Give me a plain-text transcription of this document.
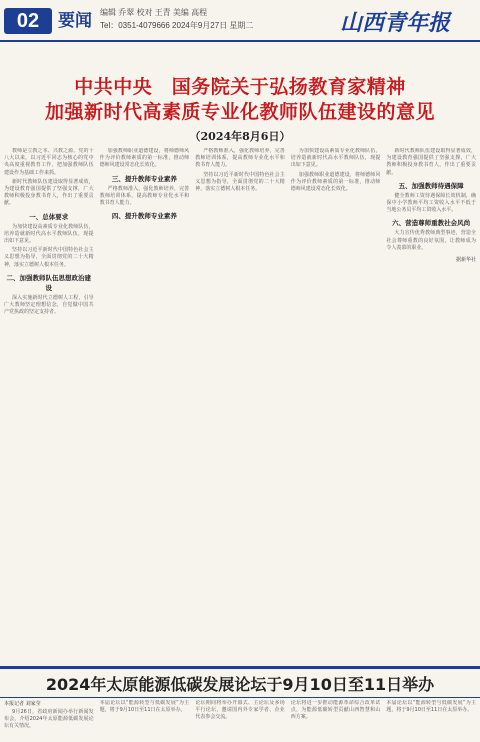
02	要闻 编辑 乔翠 校对 王青 美编 高程
Tel：0351-4079666 2024年9月27日 星期二	山西青年报
中共中央　国务院关于弘扬教育家精神
加强新时代高素质专业化教师队伍建设的意见
（2024年8月6日）

教师是立教之本、兴教之源。党的十八大以来，以习近平同志为核心的党中央高度重视教育工作，把加强教师队伍建设作为基础工作来抓。

新时代教师队伍建设取得显著成效，为建设教育强国提供了坚强支撑，广大教师积极投身教书育人，作出了重要贡献。

一、总体要求

为加快建设高素质专业化教师队伍，培养造就新时代高水平教师队伍，现提出如下意见。

坚持以习近平新时代中国特色社会主义思想为指导，全面贯彻党的二十大精神，落实立德树人根本任务。

二、加强教师队伍思想政治建设

深入实施新时代立德树人工程，引导广大教师坚定理想信念，自觉做中国共产党执政的坚定支持者。

加强教师职业道德建设，将师德师风作为评价教师素质的第一标准，推动师德师风建设常态化长效化。

三、提升教师专业素养

严格教师准入，强化教师培养，完善教师培训体系，提高教师专业化水平和教书育人能力。

四、提升教师专业素养

严格教师准入，强化教师培养，完善教师培训体系，提高教师专业化水平和教书育人能力。

坚持以习近平新时代中国特色社会主义思想为指导，全面贯彻党的二十大精神，落实立德树人根本任务。

为加快建设高素质专业化教师队伍，培养造就新时代高水平教师队伍，现提出如下意见。

加强教师职业道德建设，将师德师风作为评价教师素质的第一标准，推动师德师风建设常态化长效化。

新时代教师队伍建设取得显著成效，为建设教育强国提供了坚强支撑，广大教师积极投身教书育人，作出了重要贡献。

五、加强教师待遇保障

健全教师工资待遇保障长效机制，确保中小学教师平均工资收入水平不低于当地公务员平均工资收入水平。

六、营造尊师重教社会风尚

大力宣传优秀教师典型事迹，营造全社会尊师重教的良好氛围，让教师成为令人羡慕的职业。

据新华社
2024年太原能源低碳发展论坛于9月10日至11日举办
本报记者 刘家莹

9月26日，省政府新闻办举行新闻发布会，介绍2024年太原能源低碳发展论坛有关情况。

本届论坛以“能源转型与低碳发展”为主题，将于9月10日至11日在太原举办。

论坛期间将举办开幕式、主论坛及多场平行论坛，邀请国内外专家学者、企业代表参会交流。

论坛将进一步推动能源革命综合改革试点，为能源低碳转型贡献山西智慧和山西方案。

本届论坛以“能源转型与低碳发展”为主题，将于9月10日至11日在太原举办。
